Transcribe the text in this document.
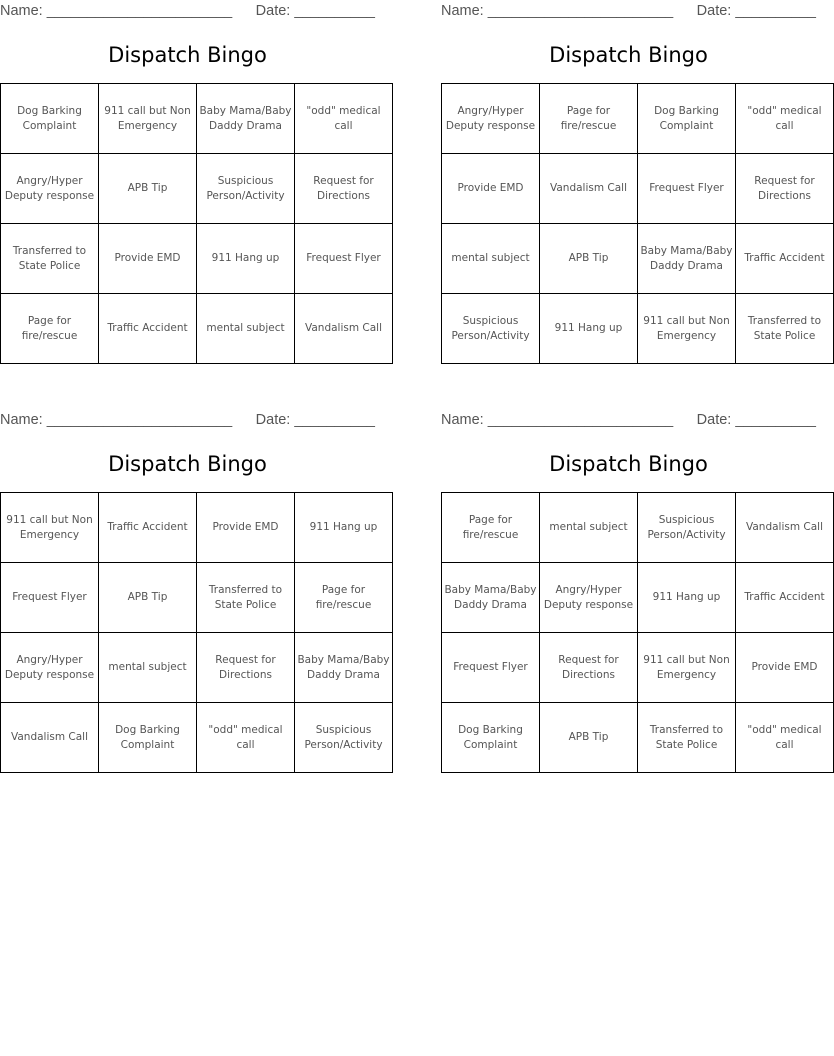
Name: _______________________ Date: __________
Dispatch Bingo
Dog Barking Complaint	911 call but Non Emergency	Baby Mama/Baby Daddy Drama	"odd" medical call
Angry/Hyper Deputy response	APB Tip	Suspicious Person/Activity	Request for Directions
Transferred to State Police	Provide EMD	911 Hang up	Frequest Flyer
Page for fire/rescue	Traffic Accident	mental subject	Vandalism Call
Name: _______________________ Date: __________
Dispatch Bingo
Angry/Hyper Deputy response	Page for fire/rescue	Dog Barking Complaint	"odd" medical call
Provide EMD	Vandalism Call	Frequest Flyer	Request for Directions
mental subject	APB Tip	Baby Mama/Baby Daddy Drama	Traffic Accident
Suspicious Person/Activity	911 Hang up	911 call but Non Emergency	Transferred to State Police
Name: _______________________ Date: __________
Dispatch Bingo
911 call but Non Emergency	Traffic Accident	Provide EMD	911 Hang up
Frequest Flyer	APB Tip	Transferred to State Police	Page for fire/rescue
Angry/Hyper Deputy response	mental subject	Request for Directions	Baby Mama/Baby Daddy Drama
Vandalism Call	Dog Barking Complaint	"odd" medical call	Suspicious Person/Activity
Name: _______________________ Date: __________
Dispatch Bingo
Page for fire/rescue	mental subject	Suspicious Person/Activity	Vandalism Call
Baby Mama/Baby Daddy Drama	Angry/Hyper Deputy response	911 Hang up	Traffic Accident
Frequest Flyer	Request for Directions	911 call but Non Emergency	Provide EMD
Dog Barking Complaint	APB Tip	Transferred to State Police	"odd" medical call
